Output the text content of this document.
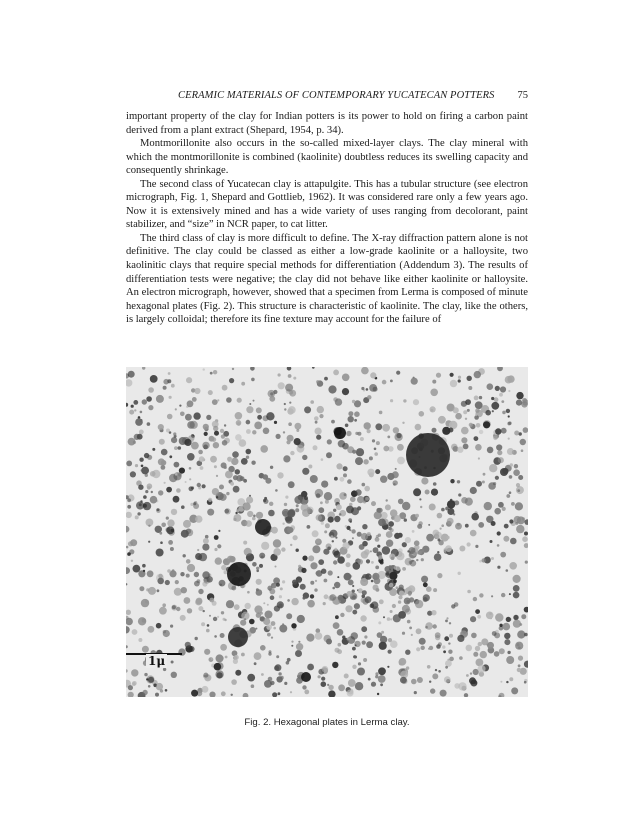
CERAMIC MATERIALS OF CONTEMPORARY YUCATECAN POTTERS 75

important property of the clay for Indian potters is its power to hold on firing a carbon paint derived from a plant extract (Shepard, 1954, p. 34).

Montmorillonite also occurs in the so-called mixed-layer clays. The clay mineral with which the montmorillonite is combined (kaolinite) doubtless reduces its swelling capacity and consequently shrinkage.

The second class of Yucatecan clay is attapulgite. This has a tubular structure (see electron micrograph, Fig. 1, Shepard and Gottlieb, 1962). It was considered rare only a few years ago. Now it is extensively mined and has a wide variety of uses ranging from decolorant, paint stabilizer, and “size” in NCR paper, to cat litter.

The third class of clay is more difficult to define. The X-ray diffraction pattern alone is not definitive. The clay could be classed as either a low-grade kaolinite or a halloysite, two kaolinitic clays that require special methods for differentiation (Addendum 3). The results of differentiation tests were negative; the clay did not behave like either kaolinite or halloysite. An electron micrograph, however, showed that a specimen from Lerma is composed of minute hexagonal plates (Fig. 2). This structure is characteristic of kaolinite. The clay, like the others, is largely colloidal; therefore its fine texture may account for the failure of

1μ
Fig. 2. Hexagonal plates in Lerma clay.
